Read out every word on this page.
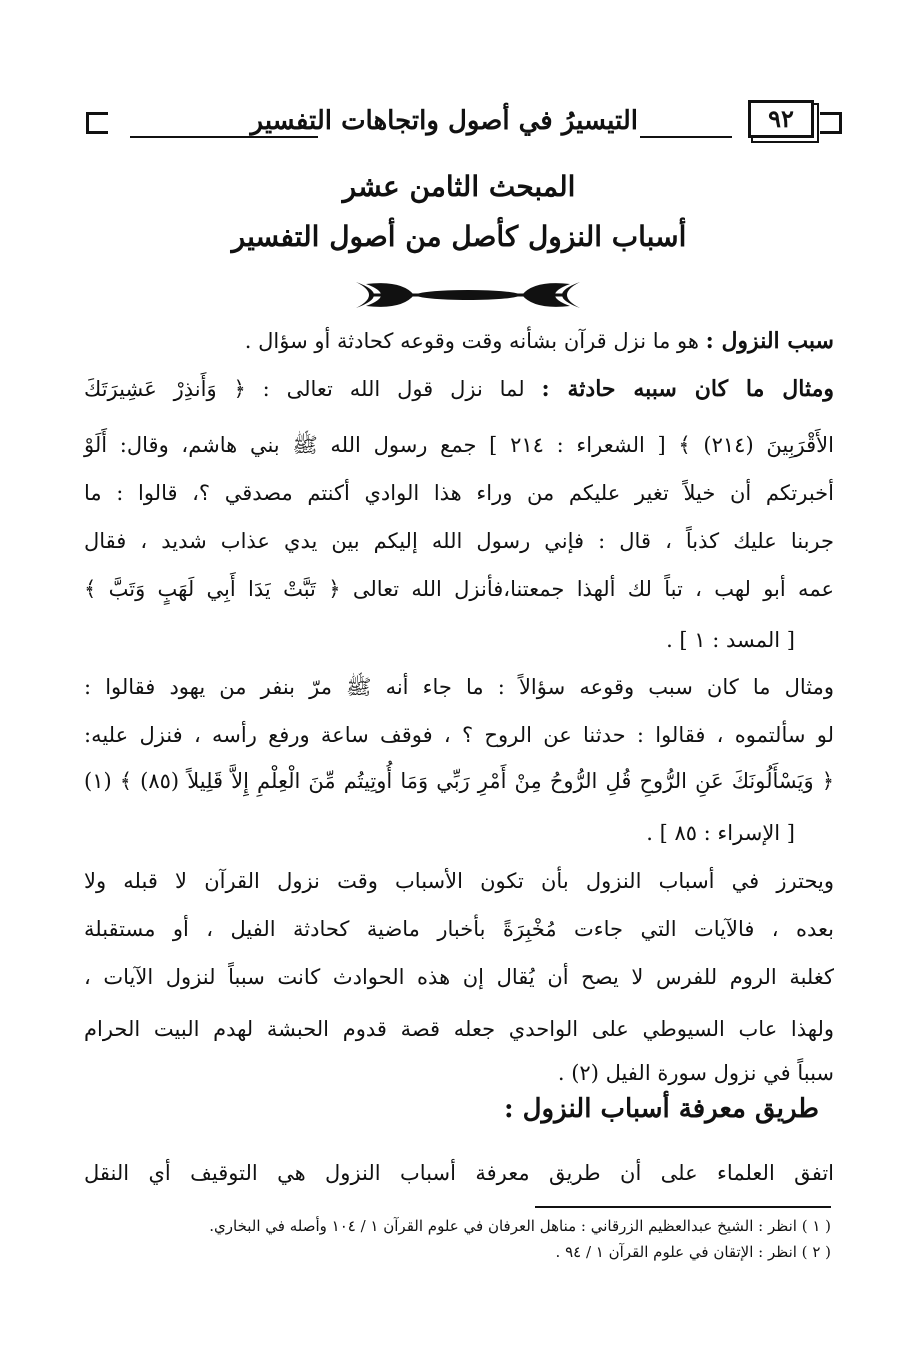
التيسيرُ في أصول واتجاهات التفسير	٩٢
المبحث الثامن عشر
أسباب النزول كأصل من أصول التفسير
سبب النزول : هو ما نزل قرآن بشأنه وقت وقوعه كحادثة أو سؤال .
ومثال ما كان سببه حادثة : لما نزل قول الله تعالى : ﴿ وَأَنذِرْ عَشِيرَتَكَ
الأَقْرَبِينَ (٢١٤) ﴾ [ الشعراء : ٢١٤ ] جمع رسول الله ﷺ بني هاشم، وقال: أَلَوْ
أخبرتكم أن خيلاً تغير عليكم من وراء هذا الوادي أكنتم مصدقي ؟، قالوا : ما
جربنا عليك كذباً ، قال : فإني رسول الله إليكم بين يدي عذاب شديد ، فقال
عمه أبو لهب ، تباً لك ألهذا جمعتنا،فأنزل الله تعالى ﴿ تَبَّتْ يَدَا أَبِي لَهَبٍ وَتَبَّ ﴾
[ المسد : ١ ] .
ومثال ما كان سبب وقوعه سؤالاً : ما جاء أنه ﷺ مرّ بنفر من يهود فقالوا :
لو سألتموه ، فقالوا : حدثنا عن الروح ؟ ، فوقف ساعة ورفع رأسه ، فنزل عليه:
﴿ وَيَسْأَلُونَكَ عَنِ الرُّوحِ قُلِ الرُّوحُ مِنْ أَمْرِ رَبِّي وَمَا أُوتِيتُم مِّنَ الْعِلْمِ إِلاَّ قَلِيلاً (٨٥) ﴾ (١)
[ الإسراء : ٨٥ ] .
ويحترز في أسباب النزول بأن تكون الأسباب وقت نزول القرآن لا قبله ولا
بعده ، فالآيات التي جاءت مُخْبِرَةً بأخبار ماضية كحادثة الفيل ، أو مستقبلة
كغلبة الروم للفرس لا يصح أن يُقال إن هذه الحوادث كانت سبباً لنزول الآيات ،
ولهذا عاب السيوطي على الواحدي جعله قصة قدوم الحبشة لهدم البيت الحرام
سبباً في نزول سورة الفيل (٢) .
طريق معرفة أسباب النزول :
اتفق العلماء على أن طريق معرفة أسباب النزول هي التوقيف أي النقل
( ١ ) انظر : الشيخ عبدالعظيم الزرقاني : مناهل العرفان في علوم القرآن ١ / ١٠٤ وأصله في البخاري.
( ٢ ) انظر : الإتقان في علوم القرآن ١ / ٩٤ .
